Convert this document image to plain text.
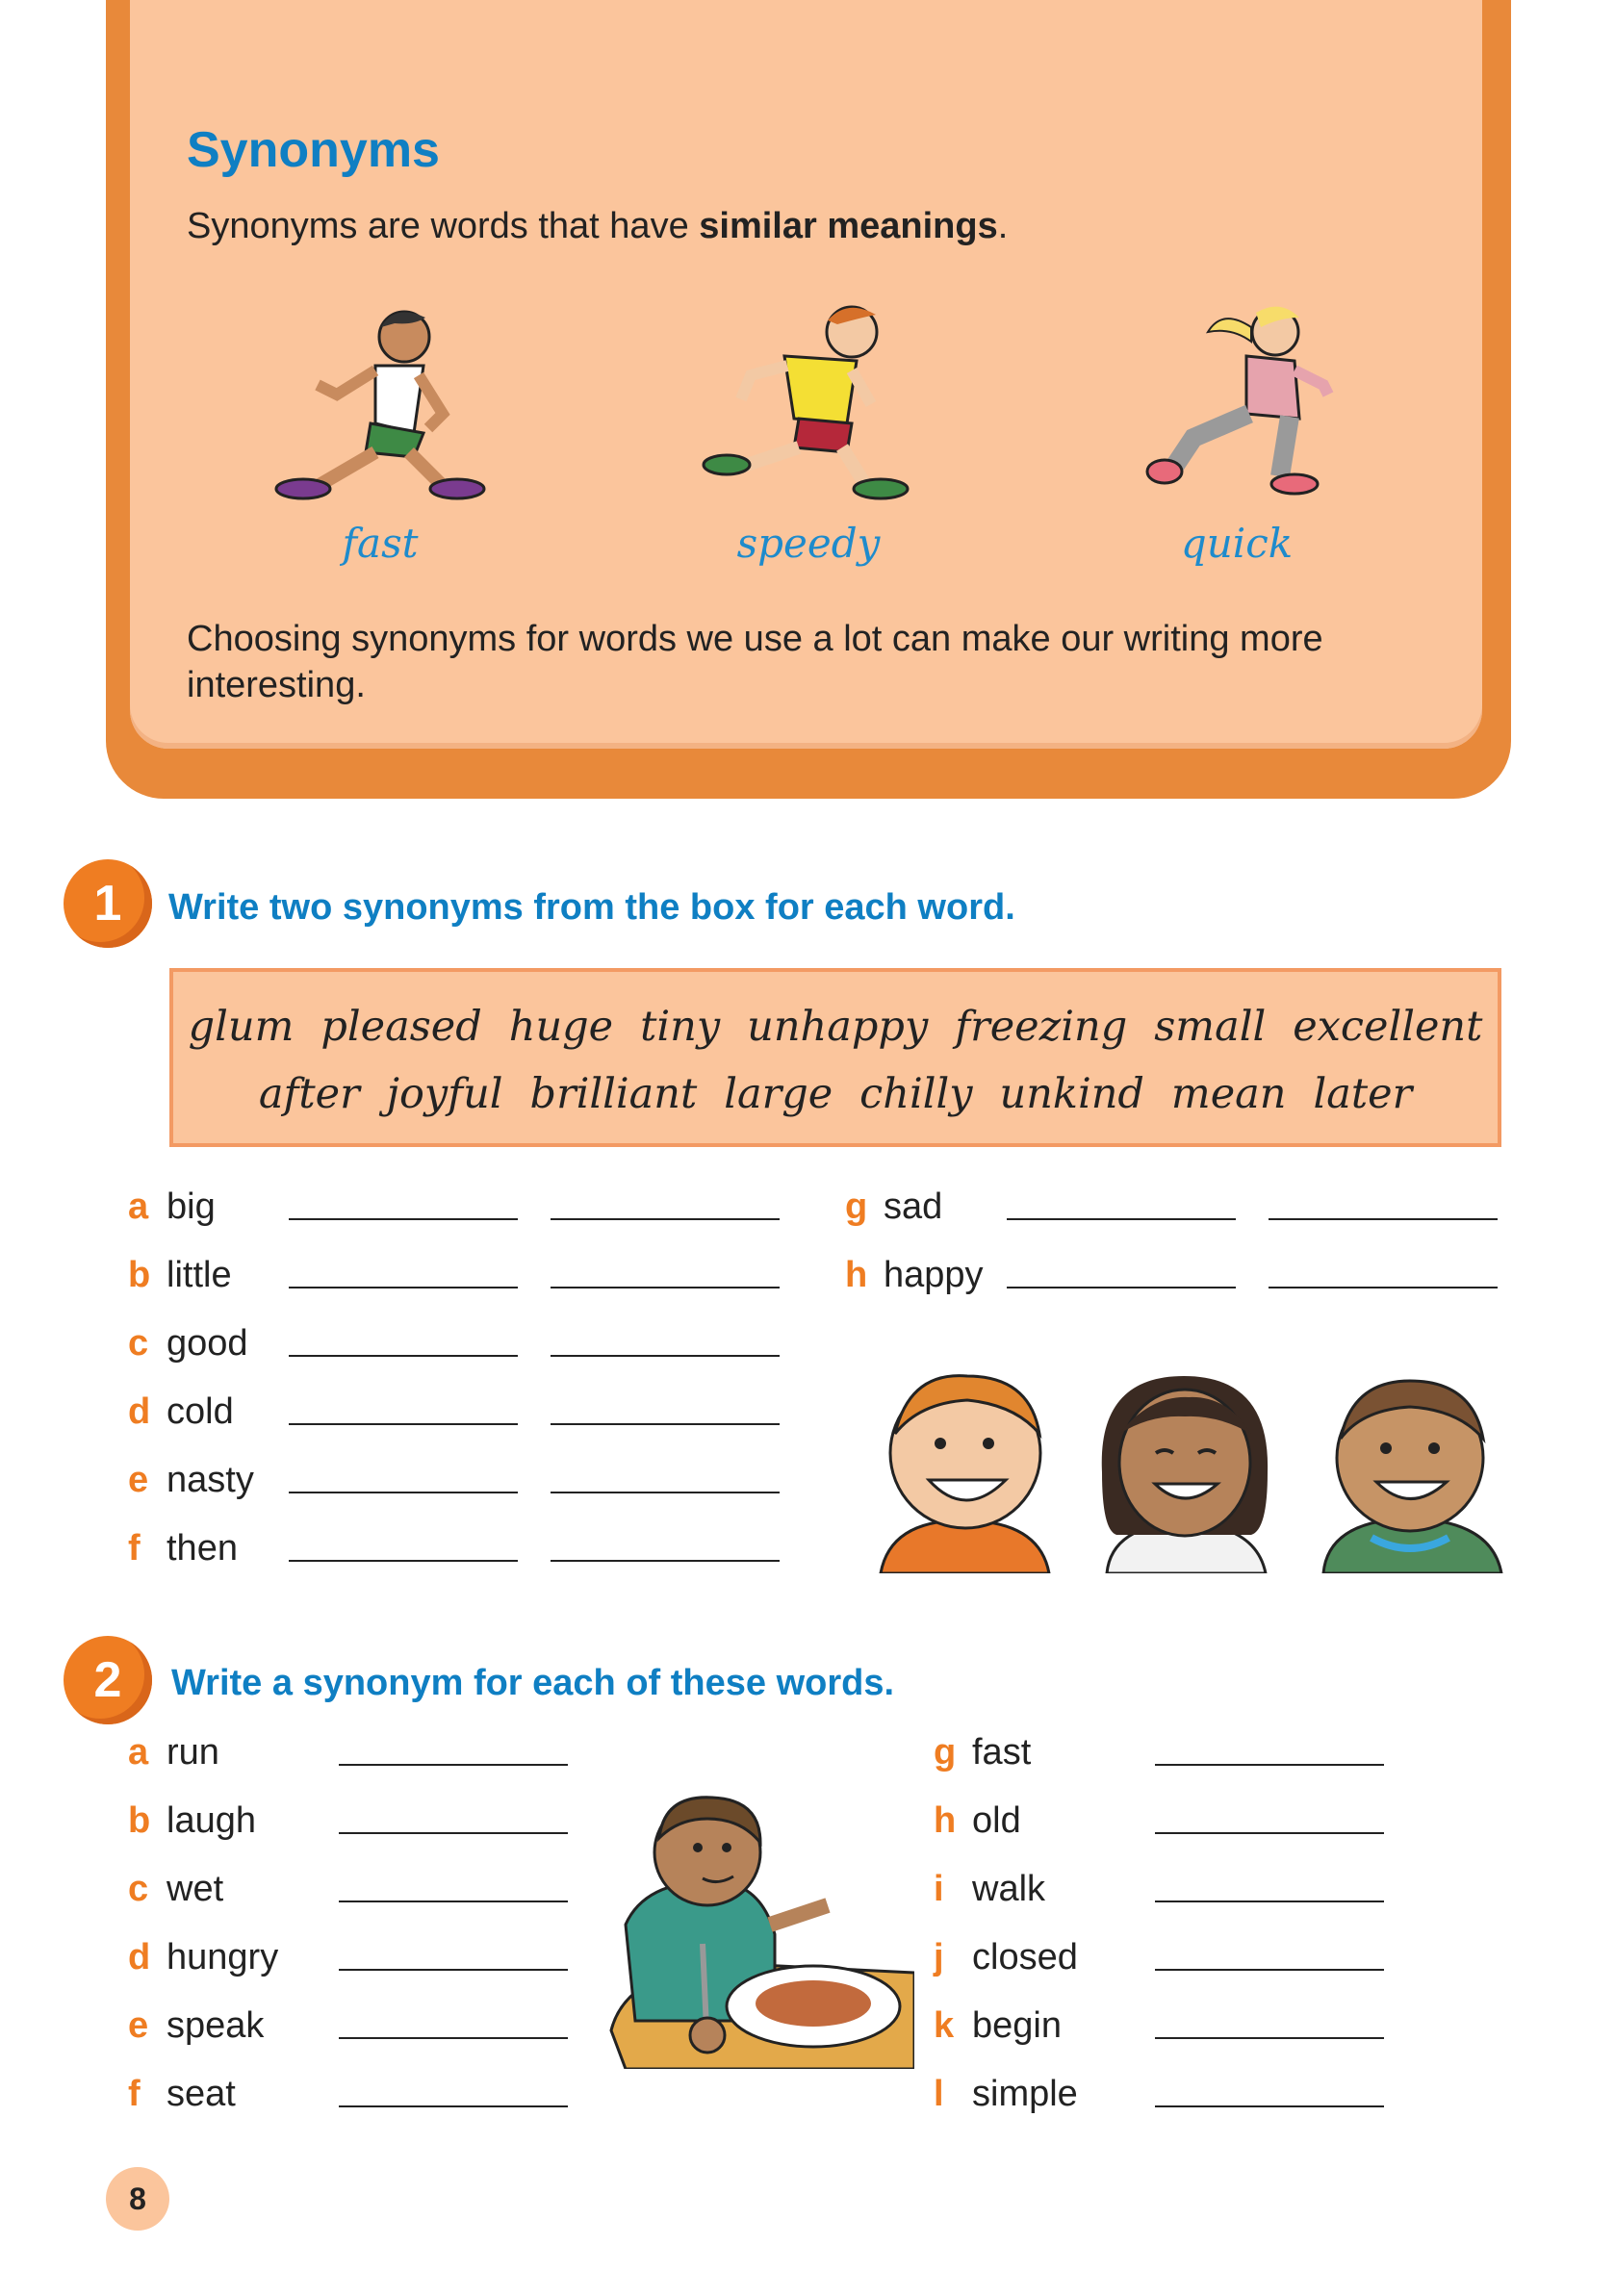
Synonyms
Synonyms are words that have similar meanings.
fast	speedy	quick
Choosing synonyms for words we use a lot can make our writing more interesting.
1	Write two synonyms from the box for each word.
glum pleased huge tiny unhappy freezing small excellent
after joyful brilliant large chilly unkind mean later
a big
b little
c good
d cold
e nasty
f then
g sad
h happy
2	Write a synonym for each of these words.
a run
b laugh
c wet
d hungry
e speak
f seat
g fast
h old
i walk
j closed
k begin
l simple
8
